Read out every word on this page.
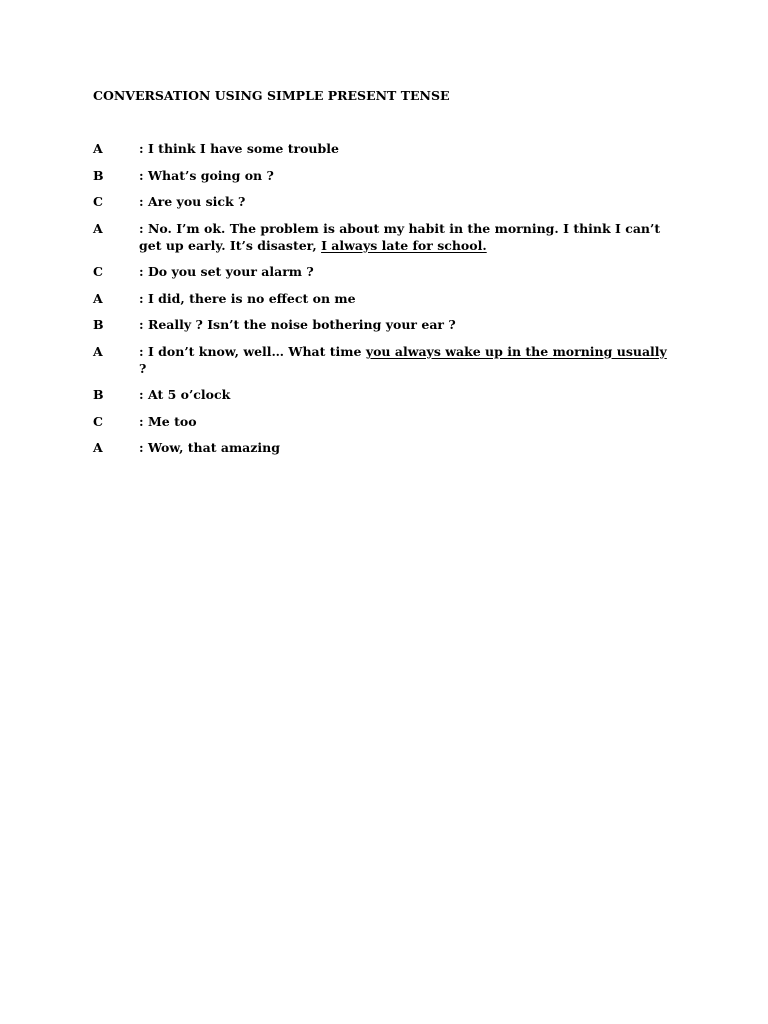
CONVERSATION USING SIMPLE PRESENT TENSE

A	: I think I have some trouble
B	: What’s going on ?
C	: Are you sick ?
A	: No. I’m ok. The problem is about my habit in the morning. I think I can’t get up early. It’s disaster, I always late for school.
C	: Do you set your alarm ?
A	: I did, there is no effect on me
B	: Really ? Isn’t the noise bothering your ear ?
A	: I don’t know, well… What time you always wake up in the morning usually ?
B	: At 5 o’clock
C	: Me too
A	: Wow, that amazing
